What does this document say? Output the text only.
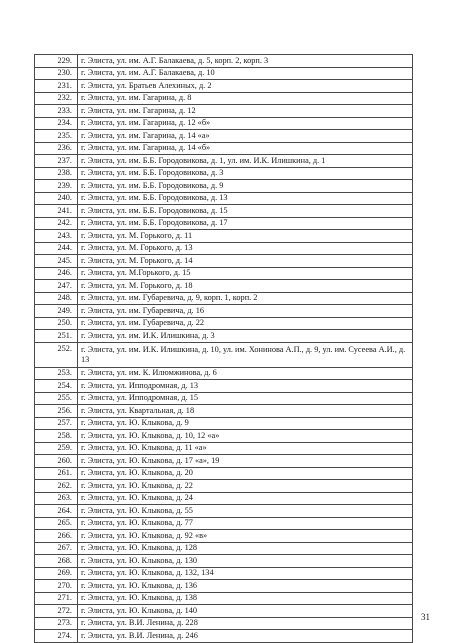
229.	г. Элиста, ул. им. А.Г. Балакаева, д. 5, корп. 2, корп. 3
230.	г. Элиста, ул. им. А.Г. Балакаева, д. 10
231.	г. Элиста, ул. Братьев Алехиных, д. 2
232.	г. Элиста, ул. им. Гагарина, д. 8
233.	г. Элиста, ул. им. Гагарина, д. 12
234.	г. Элиста, ул. им. Гагарина, д. 12 «б»
235.	г. Элиста, ул. им. Гагарина, д. 14 «а»
236.	г. Элиста, ул. им. Гагарина, д. 14 «б»
237.	г. Элиста, ул. им. Б.Б. Городовикова, д. 1, ул. им. И.К. Илишкина, д. 1
238.	г. Элиста, ул. им. Б.Б. Городовикова, д. 3
239.	г. Элиста, ул. им. Б.Б. Городовикова, д. 9
240.	г. Элиста, ул. им. Б.Б. Городовикова, д. 13
241.	г. Элиста, ул. им. Б.Б. Городовикова, д. 15
242.	г. Элиста, ул. им. Б.Б. Городовикова, д. 17
243.	г. Элиста, ул. М. Горького, д. 11
244.	г. Элиста, ул. М. Горького, д. 13
245.	г. Элиста, ул. М. Горького, д. 14
246.	г. Элиста, ул. М.Горького, д. 15
247.	г. Элиста, ул. М. Горького, д. 18
248.	г. Элиста, ул. им. Губаревича, д. 9, корп. 1, корп. 2
249.	г. Элиста, ул. им. Губаревича, д. 16
250.	г. Элиста, ул. им. Губаревича, д. 22
251.	г. Элиста, ул. им. И.К. Илишкина, д. 3
252.	г. Элиста, ул. им. И.К. Илишкина, д. 10, ул. им. Хонинова А.П., д. 9, ул. им. Сусеева А.И., д. 13
253.	г. Элиста, ул. им. К. Илюмжинова, д. 6
254.	г. Элиста, ул. Ипподромная, д. 13
255.	г. Элиста, ул. Ипподромная, д. 15
256.	г. Элиста, ул. Квартальная, д. 18
257.	г. Элиста, ул. Ю. Клыкова, д. 9
258.	г. Элиста, ул. Ю. Клыкова, д. 10, 12 «а»
259.	г. Элиста, ул. Ю. Клыкова, д. 11 «а»
260.	г. Элиста, ул. Ю. Клыкова, д. 17 «а», 19
261.	г. Элиста, ул. Ю. Клыкова, д. 20
262.	г. Элиста, ул. Ю. Клыкова, д. 22
263.	г. Элиста, ул. Ю. Клыкова, д. 24
264.	г. Элиста, ул. Ю. Клыкова, д. 55
265.	г. Элиста, ул. Ю. Клыкова, д. 77
266.	г. Элиста, ул. Ю. Клыкова, д. 92 «в»
267.	г. Элиста, ул. Ю. Клыкова, д. 128
268.	г. Элиста, ул. Ю. Клыкова, д. 130
269.	г. Элиста, ул. Ю. Клыкова, д. 132, 134
270.	г. Элиста, ул. Ю. Клыкова, д. 136
271.	г. Элиста, ул. Ю. Клыкова, д. 138
272.	г. Элиста, ул. Ю. Клыкова, д. 140
273.	г. Элиста, ул. В.И. Ленина, д. 228
274.	г. Элиста, ул. В.И. Ленина, д. 246
31
